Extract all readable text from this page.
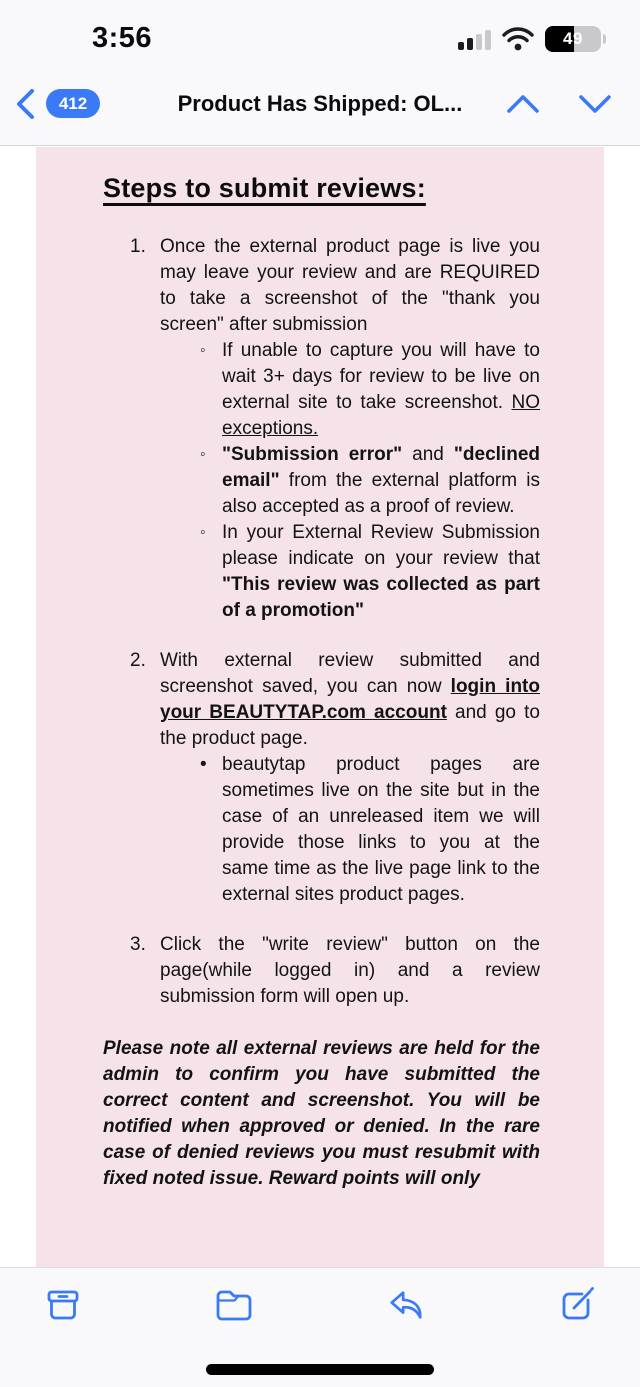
3:56	49
412	Product Has Shipped: OL...
Steps to submit reviews:
1. Once the external product page is live you may leave your review and are REQUIRED to take a screenshot of the "thank you screen" after submission
◦ If unable to capture you will have to wait 3+ days for review to be live on external site to take screenshot. NO exceptions.
◦ "Submission error" and "declined email" from the external platform is also accepted as a proof of review.
◦ In your External Review Submission please indicate on your review that "This review was collected as part of a promotion"
2. With external review submitted and screenshot saved, you can now login into your BEAUTYTAP.com account and go to the product page.
• beautytap product pages are sometimes live on the site but in the case of an unreleased item we will provide those links to you at the same time as the live page link to the external sites product pages.
3. Click the "write review" button on the page(while logged in) and a review submission form will open up.
Please note all external reviews are held for the admin to confirm you have submitted the correct content and screenshot. You will be notified when approved or denied. In the rare case of denied reviews you must resubmit with fixed noted issue. Reward points will only
